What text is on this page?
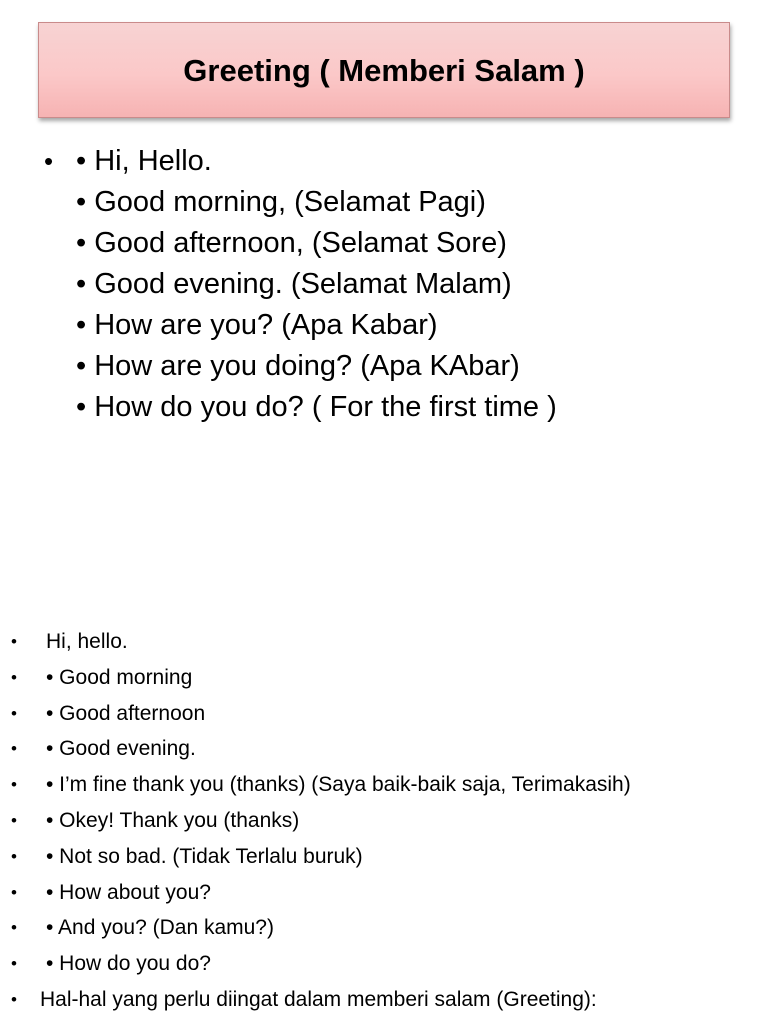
Greeting ( Memberi Salam )
• • Hi, Hello.
• Good morning, (Selamat Pagi)
• Good afternoon, (Selamat Sore)
• Good evening. (Selamat Malam)
• How are you? (Apa Kabar)
• How are you doing? (Apa KAbar)
• How do you do? ( For the first time )
• Hi, hello.
• • Good morning
• • Good afternoon
• • Good evening.
• • I’m fine thank you (thanks) (Saya baik-baik saja, Terimakasih)
• • Okey! Thank you (thanks)
• • Not so bad. (Tidak Terlalu buruk)
• • How about you?
• • And you? (Dan kamu?)
• • How do you do?
• Hal-hal yang perlu diingat dalam memberi salam (Greeting):
